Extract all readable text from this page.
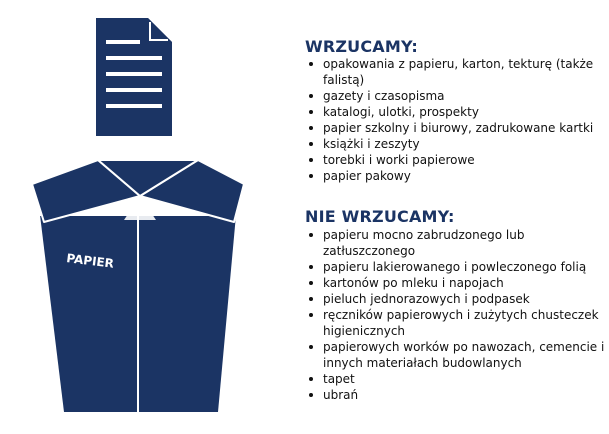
PAPIER
WRZUCAMY:
opakowania z papieru, karton, tekturę (także falistą)
gazety i czasopisma
katalogi, ulotki, prospekty
papier szkolny i biurowy, zadrukowane kartki
książki i zeszyty
torebki i worki papierowe
papier pakowy
NIE WRZUCAMY:
papieru mocno zabrudzonego lub zatłuszczonego
papieru lakierowanego i powleczonego folią
kartonów po mleku i napojach
pieluch jednorazowych i podpasek
ręczników papierowych i zużytych chusteczek higienicznych
papierowych worków po nawozach, cemencie i innych materiałach budowlanych
tapet
ubrań
